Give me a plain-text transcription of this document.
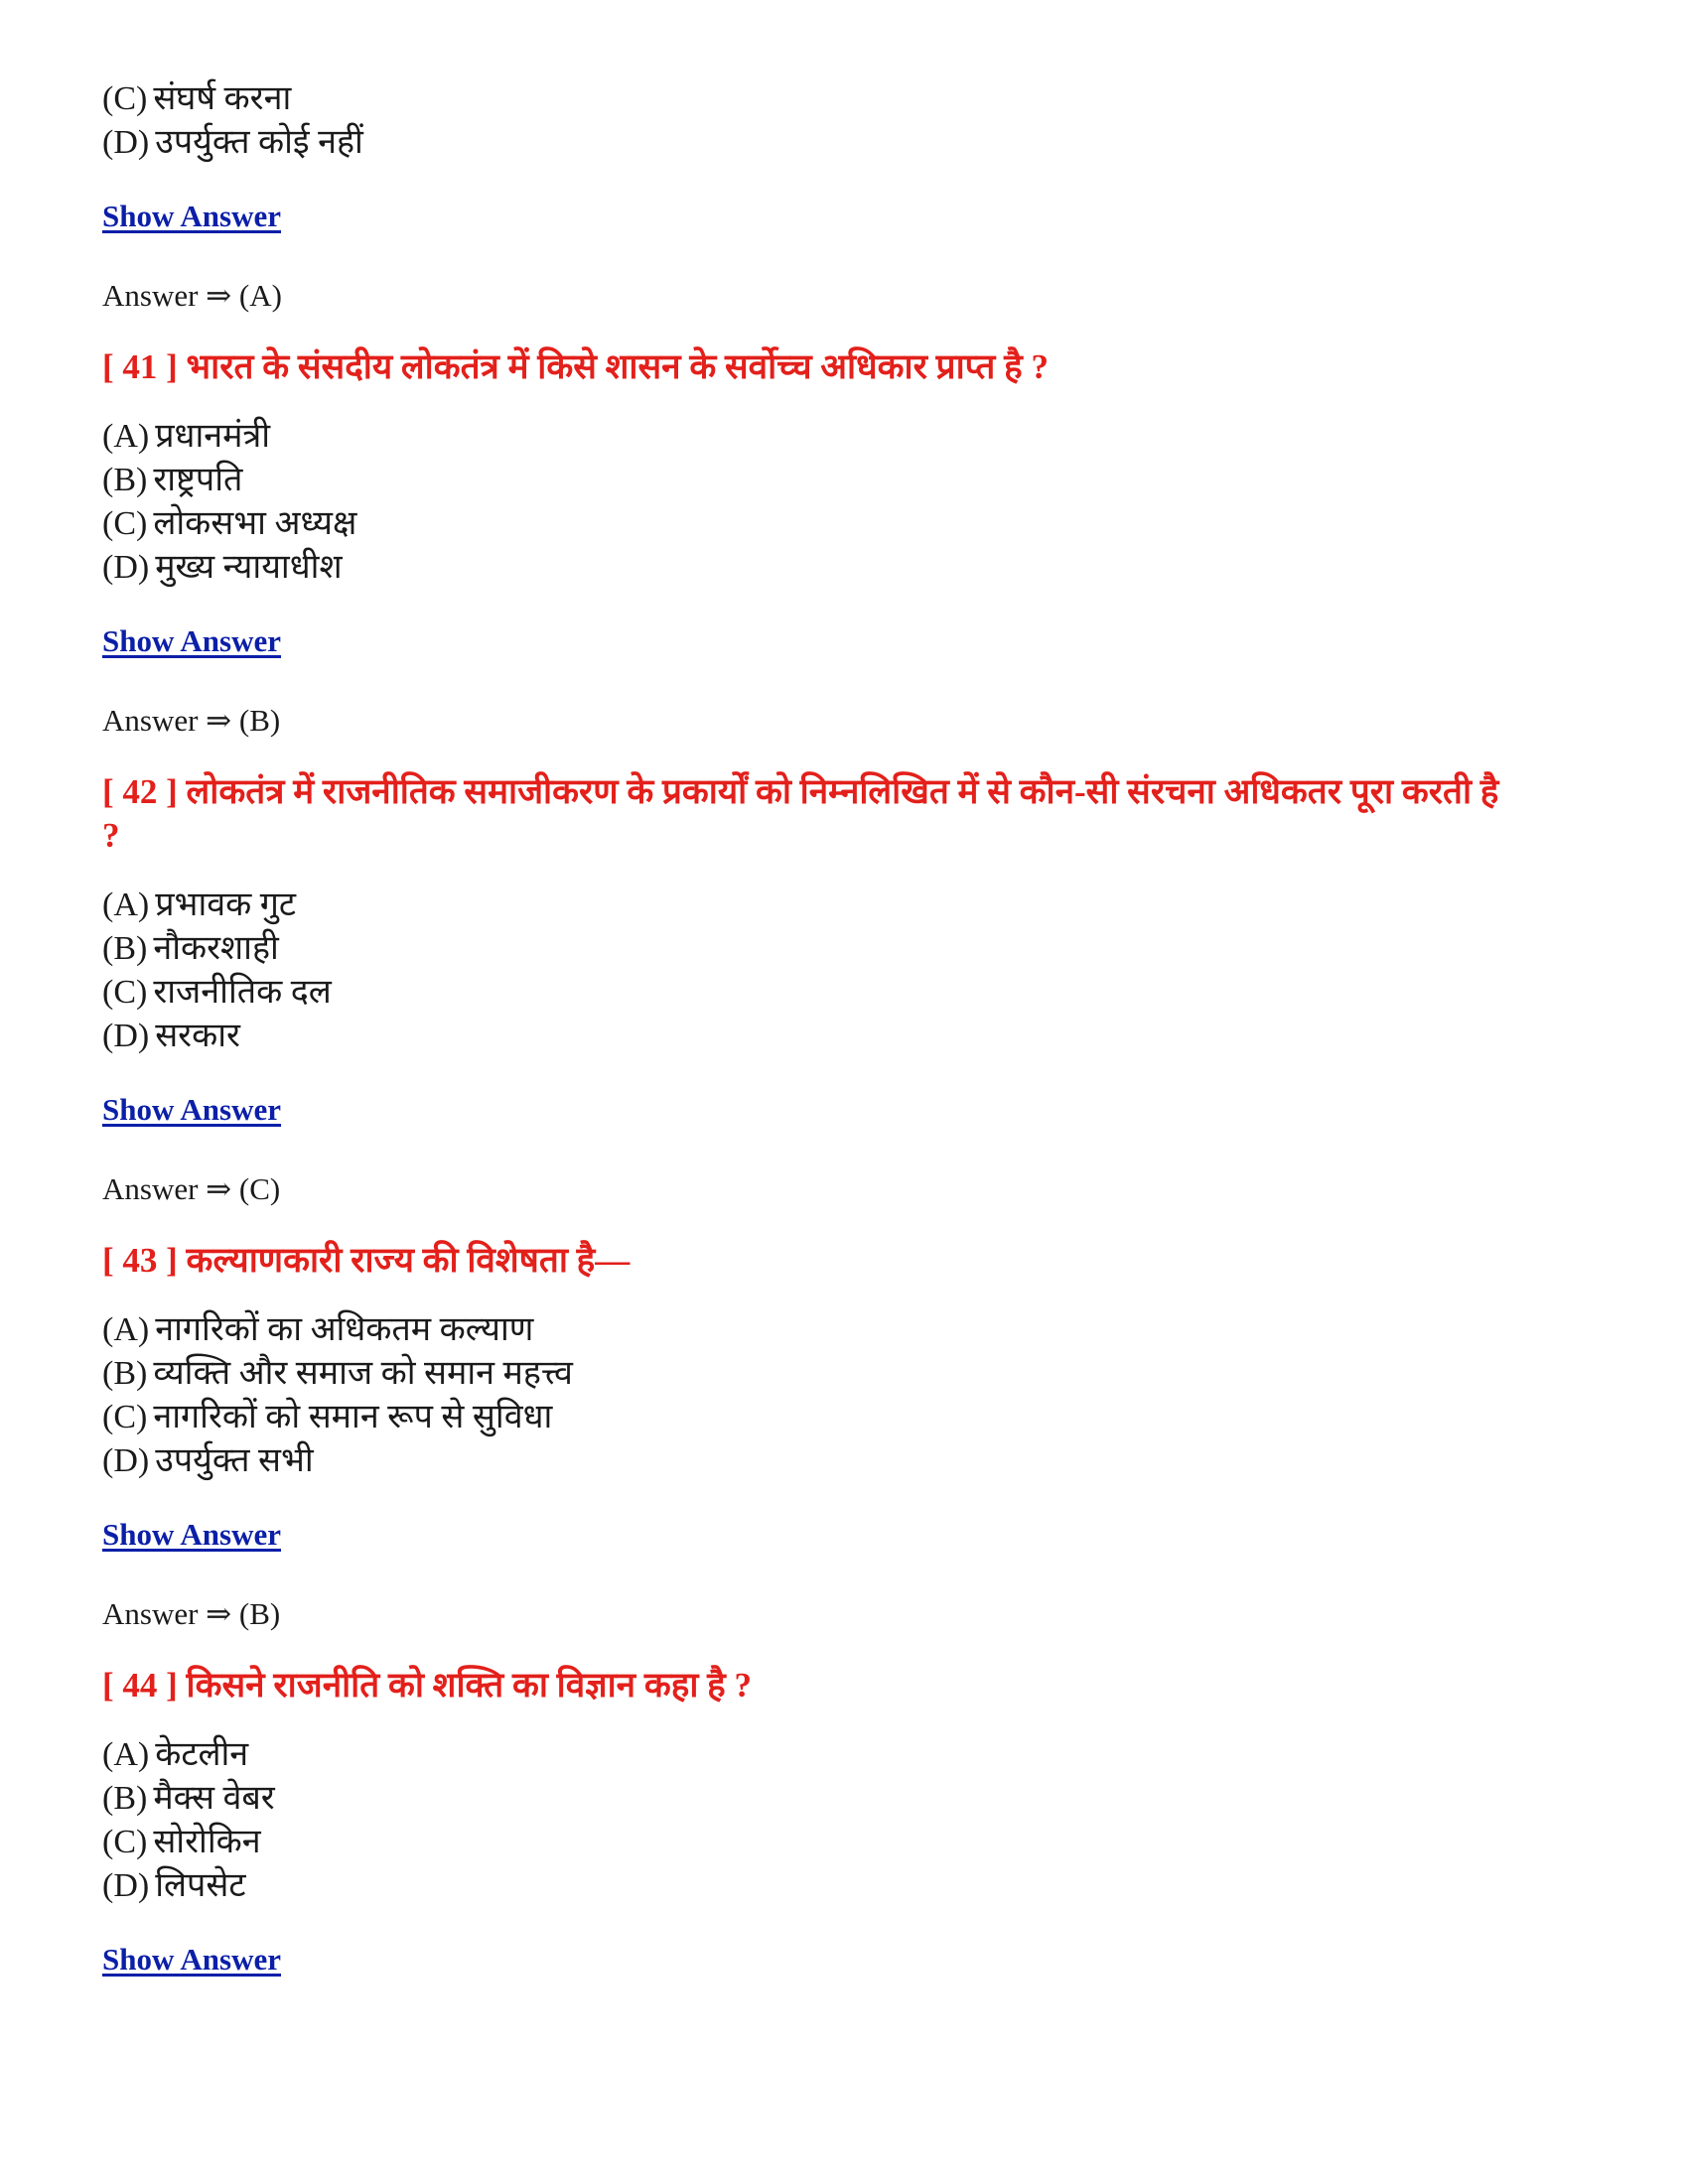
(C) संघर्ष करना
(D) उपर्युक्त कोई नहीं
Show Answer
Answer ⇒ (A)
[ 41 ] भारत के संसदीय लोकतंत्र में किसे शासन के सर्वोच्च अधिकार प्राप्त है ?
(A) प्रधानमंत्री
(B) राष्ट्रपति
(C) लोकसभा अध्यक्ष
(D) मुख्य न्यायाधीश
Show Answer
Answer ⇒ (B)
[ 42 ] लोकतंत्र में राजनीतिक समाजीकरण के प्रकार्यों को निम्नलिखित में से कौन-सी संरचना अधिकतर पूरा करती है ?
(A) प्रभावक गुट
(B) नौकरशाही
(C) राजनीतिक दल
(D) सरकार
Show Answer
Answer ⇒ (C)
[ 43 ] कल्याणकारी राज्य की विशेषता है—
(A) नागरिकों का अधिकतम कल्याण
(B) व्यक्ति और समाज को समान महत्त्व
(C) नागरिकों को समान रूप से सुविधा
(D) उपर्युक्त सभी
Show Answer
Answer ⇒ (B)
[ 44 ] किसने राजनीति को शक्ति का विज्ञान कहा है ?
(A) केटलीन
(B) मैक्स वेबर
(C) सोरोकिन
(D) लिपसेट
Show Answer
